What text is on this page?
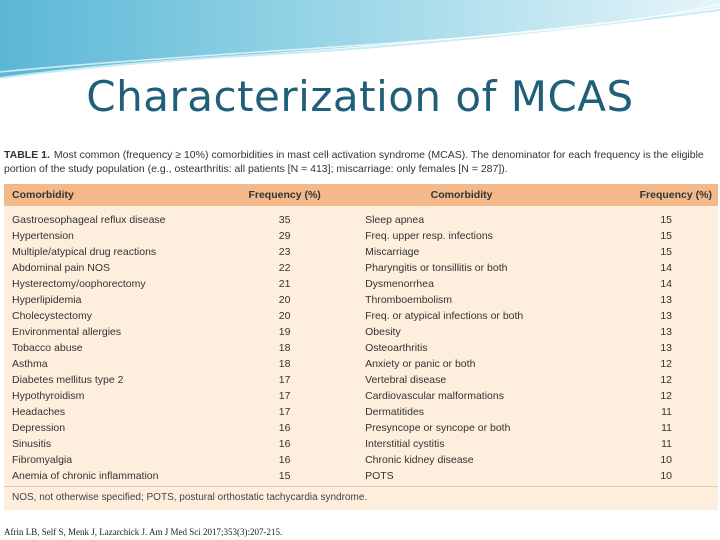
Characterization of MCAS
TABLE 1. Most common (frequency ≥ 10%) comorbidities in mast cell activation syndrome (MCAS). The denominator for each frequency is the eligible portion of the study population (e.g., ostearthritis: all patients [N = 413]; miscarriage: only females [N = 287]).
Comorbidity	Frequency (%)	Comorbidity	Frequency (%)
Gastroesophageal reflux disease	35	Sleep apnea	15
Hypertension	29	Freq. upper resp. infections	15
Multiple/atypical drug reactions	23	Miscarriage	15
Abdominal pain NOS	22	Pharyngitis or tonsillitis or both	14
Hysterectomy/oophorectomy	21	Dysmenorrhea	14
Hyperlipidemia	20	Thromboembolism	13
Cholecystectomy	20	Freq. or atypical infections or both	13
Environmental allergies	19	Obesity	13
Tobacco abuse	18	Osteoarthritis	13
Asthma	18	Anxiety or panic or both	12
Diabetes mellitus type 2	17	Vertebral disease	12
Hypothyroidism	17	Cardiovascular malformations	12
Headaches	17	Dermatitides	11
Depression	16	Presyncope or syncope or both	11
Sinusitis	16	Interstitial cystitis	11
Fibromyalgia	16	Chronic kidney disease	10
Anemia of chronic inflammation	15	POTS	10
NOS, not otherwise specified; POTS, postural orthostatic tachycardia syndrome.
Afrin LB, Self S, Menk J, Lazarchick J. Am J Med Sci 2017;353(3):207-215.
